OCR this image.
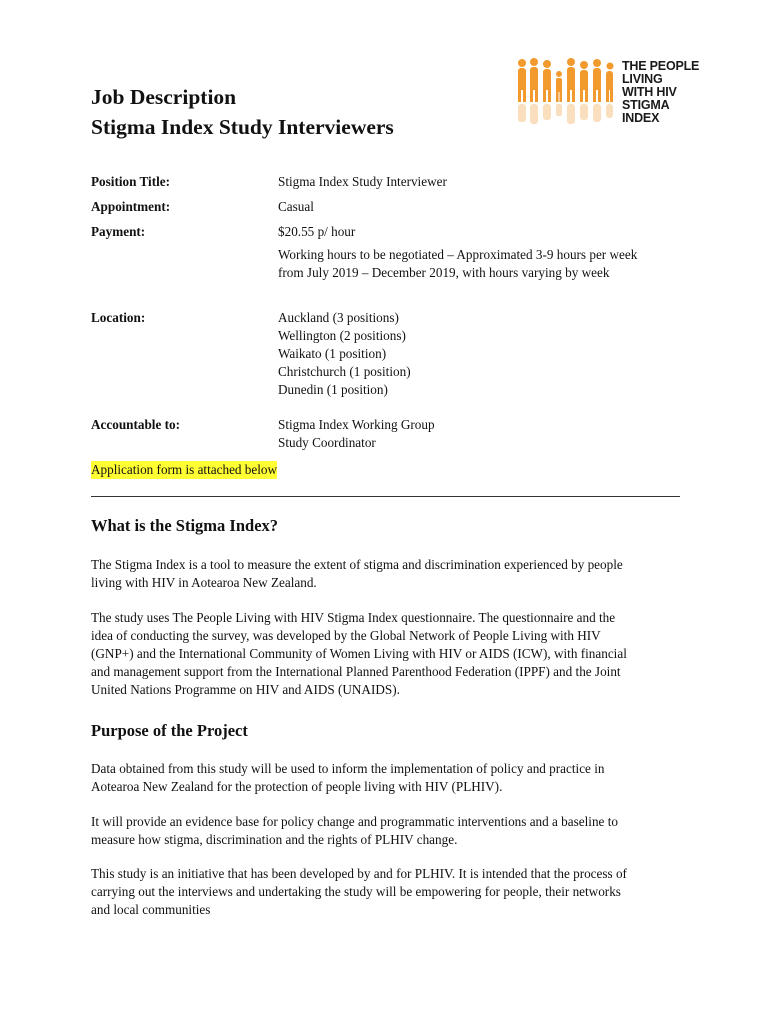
THE PEOPLE
LIVING
WITH HIV
STIGMA
INDEX
Job Description
Stigma Index Study Interviewers
Position Title:	Stigma Index Study Interviewer
Appointment:	Casual
Payment:	$20.55 p/ hour
Working hours to be negotiated – Approximated 3-9 hours per week
from July 2019 – December 2019, with hours varying by week
Location:	Auckland (3 positions)
Wellington (2 positions)
Waikato (1 position)
Christchurch (1 position)
Dunedin (1 position)
Accountable to:	Stigma Index Working Group
Study Coordinator
Application form is attached below
What is the Stigma Index?
The Stigma Index is a tool to measure the extent of stigma and discrimination experienced by people
living with HIV in Aotearoa New Zealand.
The study uses The People Living with HIV Stigma Index questionnaire. The questionnaire and the
idea of conducting the survey, was developed by the Global Network of People Living with HIV
(GNP+) and the International Community of Women Living with HIV or AIDS (ICW), with financial
and management support from the International Planned Parenthood Federation (IPPF) and the Joint
United Nations Programme on HIV and AIDS (UNAIDS).
Purpose of the Project
Data obtained from this study will be used to inform the implementation of policy and practice in
Aotearoa New Zealand for the protection of people living with HIV (PLHIV).
It will provide an evidence base for policy change and programmatic interventions and a baseline to
measure how stigma, discrimination and the rights of PLHIV change.
This study is an initiative that has been developed by and for PLHIV. It is intended that the process of
carrying out the interviews and undertaking the study will be empowering for people, their networks
and local communities
